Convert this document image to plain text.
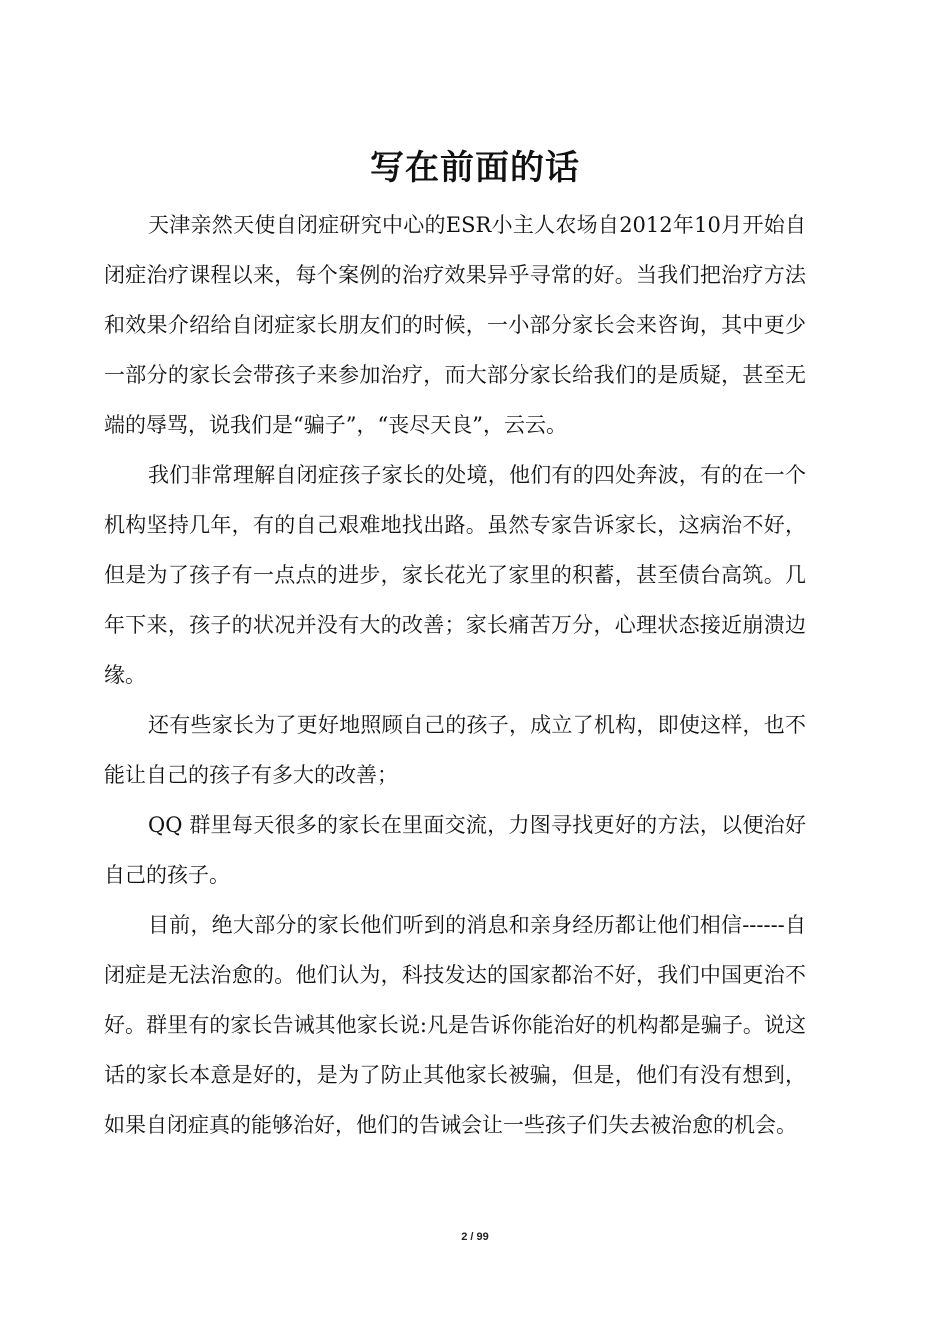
写在前面的话

天津亲然天使自闭症研究中心的ESR小主人农场自2012年10月开始自闭症治疗课程以来，每个案例的治疗效果异乎寻常的好。当我们把治疗方法和效果介绍给自闭症家长朋友们的时候，一小部分家长会来咨询，其中更少一部分的家长会带孩子来参加治疗，而大部分家长给我们的是质疑，甚至无端的辱骂，说我们是“骗子”，“丧尽天良”，云云。

我们非常理解自闭症孩子家长的处境，他们有的四处奔波，有的在一个机构坚持几年，有的自己艰难地找出路。虽然专家告诉家长，这病治不好，但是为了孩子有一点点的进步，家长花光了家里的积蓄，甚至债台高筑。几年下来，孩子的状况并没有大的改善；家长痛苦万分，心理状态接近崩溃边缘。

还有些家长为了更好地照顾自己的孩子，成立了机构，即使这样，也不能让自己的孩子有多大的改善；

QQ 群里每天很多的家长在里面交流，力图寻找更好的方法，以便治好自己的孩子。

目前，绝大部分的家长他们听到的消息和亲身经历都让他们相信------自闭症是无法治愈的。他们认为，科技发达的国家都治不好，我们中国更治不好。群里有的家长告诫其他家长说:凡是告诉你能治好的机构都是骗子。说这话的家长本意是好的，是为了防止其他家长被骗，但是，他们有没有想到，如果自闭症真的能够治好，他们的告诫会让一些孩子们失去被治愈的机会。

2 / 99
